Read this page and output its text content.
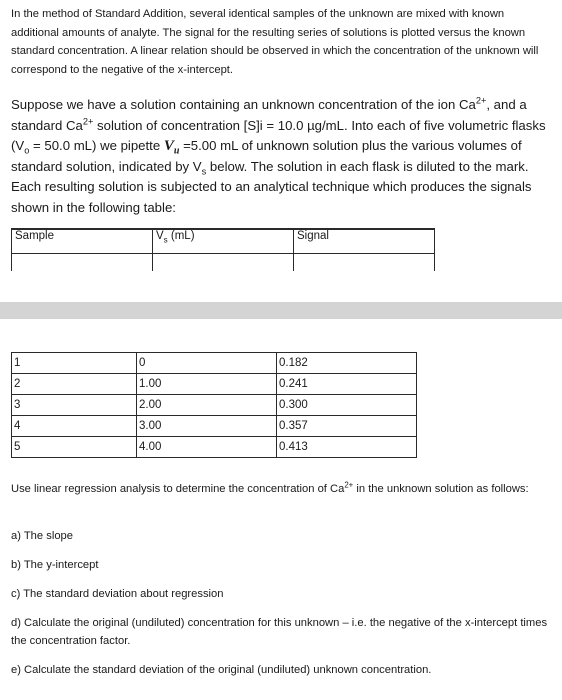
In the method of Standard Addition, several identical samples of the unknown are mixed with known additional amounts of analyte. The signal for the resulting series of solutions is plotted versus the known standard concentration. A linear relation should be observed in which the concentration of the unknown will correspond to the negative of the x-intercept.
Suppose we have a solution containing an unknown concentration of the ion $Ca^{2+}$, and a standard $Ca^{2+}$ solution of concentration [S]i = 10.0 µg/mL. Into each of five volumetric flasks ($V_o = 50.0$ mL) we pipette $V_u =5.00$ mL of unknown solution plus the various volumes of standard solution, indicated by $V_s$ below. The solution in each flask is diluted to the mark. Each resulting solution is subjected to an analytical technique which produces the signals shown in the following table:
Sample	$V_s$ (mL)	Signal

1	0	0.182
2	1.00	0.241
3	2.00	0.300
4	3.00	0.357
5	4.00	0.413
Use linear regression analysis to determine the concentration of $Ca^{2+}$ in the unknown solution as follows:
a) The slope
b) The y-intercept
c) The standard deviation about regression
d) Calculate the original (undiluted) concentration for this unknown – i.e. the negative of the x-intercept times the concentration factor.
e) Calculate the standard deviation of the original (undiluted) unknown concentration.
